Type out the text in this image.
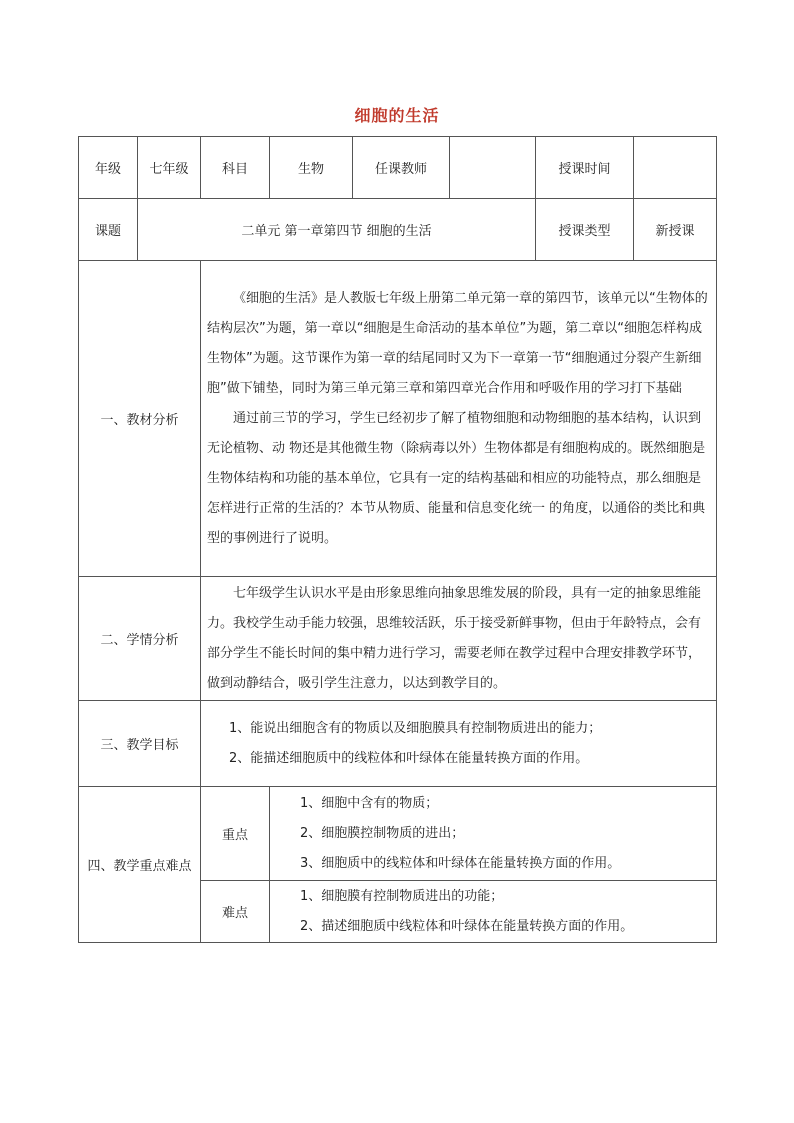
细胞的生活
年级	七年级	科目	生物	任课教师		授课时间	
课题	二单元 第一章第四节 细胞的生活					授课类型	新授课
一、教材分析		《细胞的生活》是人教版七年级上册第二单元第一章的第四节，该单元以“生物体的结构层次”为题，第一章以“细胞是生命活动的基本单位”为题，第二章以“细胞怎样构成生物体”为题。这节课作为第一章的结尾同时又为下一章第一节“细胞通过分裂产生新细胞”做下铺垫，同时为第三单元第三章和第四章光合作用和呼吸作用的学习打下基础

通过前三节的学习，学生已经初步了解了植物细胞和动物细胞的基本结构，认识到无论植物、动 物还是其他微生物（除病毒以外）生物体都是有细胞构成的。既然细胞是生物体结构和功能的基本单位，它具有一定的结构基础和相应的功能特点，那么细胞是怎样进行正常的生活的？本节从物质、能量和信息变化统一 的角度，以通俗的类比和典型的事例进行了说明。					

二、学情分析		七年级学生认识水平是由形象思维向抽象思维发展的阶段，具有一定的抽象思维能力。我校学生动手能力较强，思维较活跃，乐于接受新鲜事物，但由于年龄特点，会有部分学生不能长时间的集中精力进行学习，需要老师在教学过程中合理安排教学环节，做到动静结合，吸引学生注意力，以达到教学目的。					

三、教学目标		1、能说出细胞含有的物质以及细胞膜具有控制物质进出的能力；

2、能描述细胞质中的线粒体和叶绿体在能量转换方面的作用。					

四、教学重点难点		重点	1、细胞中含有的物质；

2、细胞膜控制物质的进出；

3、细胞质中的线粒体和叶绿体在能量转换方面的作用。				

		难点	1、细胞膜有控制物质进出的功能；

2、描述细胞质中线粒体和叶绿体在能量转换方面的作用。				
